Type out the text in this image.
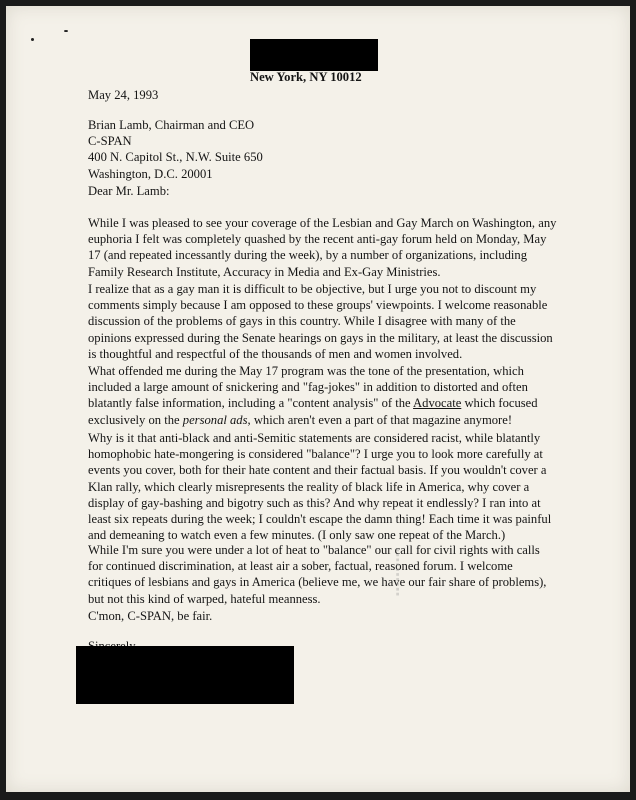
New York, NY 10012
May 24, 1993
Brian Lamb, Chairman and CEO
C-SPAN
400 N. Capitol St., N.W. Suite 650
Washington, D.C. 20001
Dear Mr. Lamb:
While I was pleased to see your coverage of the Lesbian and Gay March on Washington, any
euphoria I felt was completely quashed by the recent anti-gay forum held on Monday, May
17 (and repeated incessantly during the week), by a number of organizations, including
Family Research Institute, Accuracy in Media and Ex-Gay Ministries.
I realize that as a gay man it is difficult to be objective, but I urge you not to discount my
comments simply because I am opposed to these groups' viewpoints. I welcome reasonable
discussion of the problems of gays in this country. While I disagree with many of the
opinions expressed during the Senate hearings on gays in the military, at least the discussion
is thoughtful and respectful of the thousands of men and women involved.
What offended me during the May 17 program was the tone of the presentation, which
included a large amount of snickering and "fag-jokes" in addition to distorted and often
blatantly false information, including a "content analysis" of the Advocate which focused
exclusively on the personal ads, which aren't even a part of that magazine anymore!
Why is it that anti-black and anti-Semitic statements are considered racist, while blatantly
homophobic hate-mongering is considered "balance"? I urge you to look more carefully at
events you cover, both for their hate content and their factual basis. If you wouldn't cover a
Klan rally, which clearly misrepresents the reality of black life in America, why cover a
display of gay-bashing and bigotry such as this? And why repeat it endlessly? I ran into at
least six repeats during the week; I couldn't escape the damn thing! Each time it was painful
and demeaning to watch even a few minutes. (I only saw one repeat of the March.)
While I'm sure you were under a lot of heat to "balance" our call for civil rights with calls
for continued discrimination, at least air a sober, factual, reasoned forum. I welcome
critiques of lesbians and gays in America (believe me, we have our fair share of problems),
but not this kind of warped, hateful meanness.
C'mon, C-SPAN, be fair.
▪▪▪▪▪▪▪▪▪▪
